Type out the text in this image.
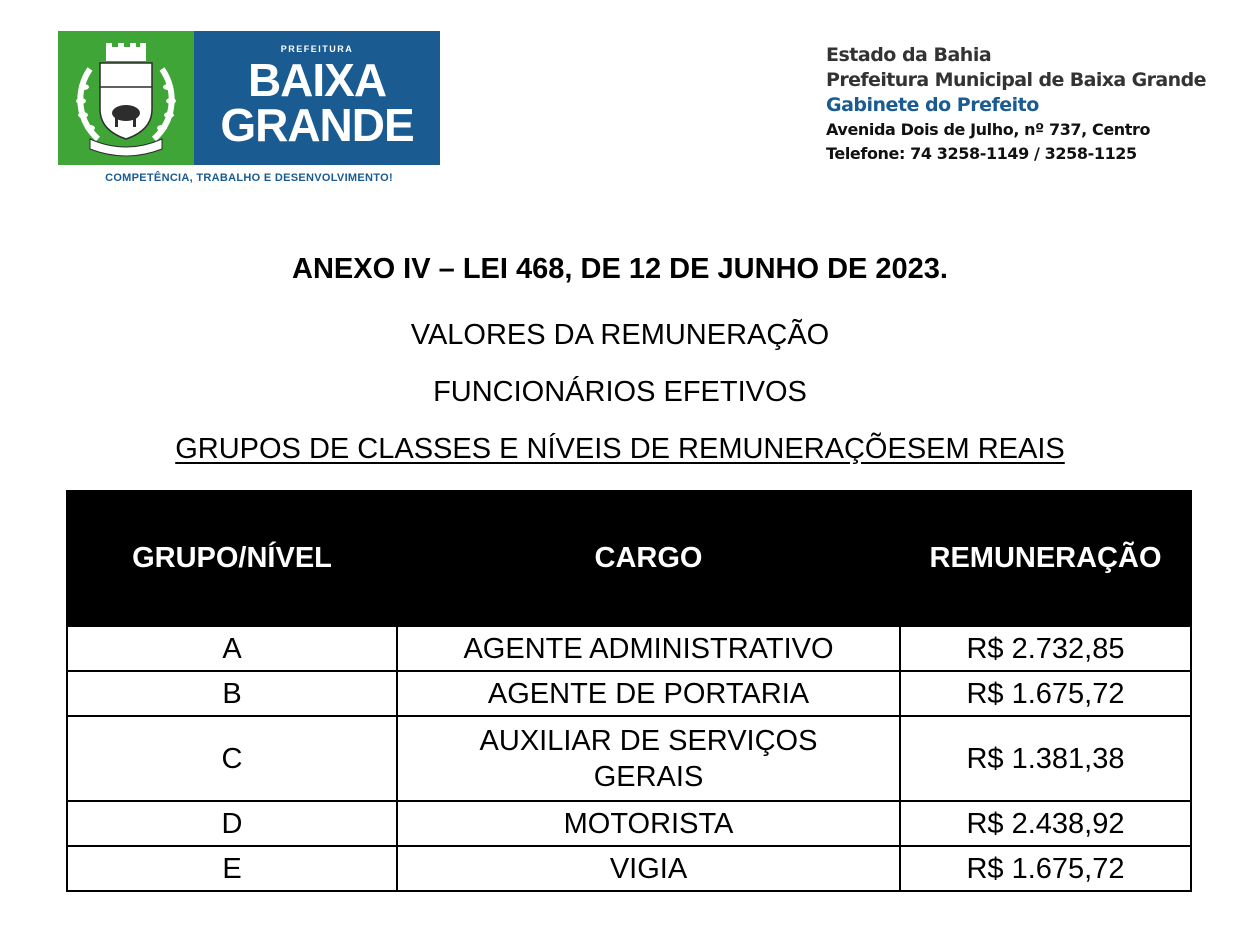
PREFEITURA
BAIXA
GRANDE
COMPETÊNCIA, TRABALHO E DESENVOLVIMENTO!
Estado da Bahia
Prefeitura Municipal de Baixa Grande
Gabinete do Prefeito
Avenida Dois de Julho, nº 737, Centro
Telefone: 74 3258-1149 / 3258-1125
ANEXO IV – LEI 468, DE 12 DE JUNHO DE 2023.
VALORES DA REMUNERAÇÃO
FUNCIONÁRIOS EFETIVOS
GRUPOS DE CLASSES E NÍVEIS DE REMUNERAÇÕESEM REAIS
GRUPO/NÍVEL	CARGO	REMUNERAÇÃO
A	AGENTE ADMINISTRATIVO	R$ 2.732,85
B	AGENTE DE PORTARIA	R$ 1.675,72
C	AUXILIAR DE SERVIÇOS GERAIS	R$ 1.381,38
D	MOTORISTA	R$ 2.438,92
E	VIGIA	R$ 1.675,72
